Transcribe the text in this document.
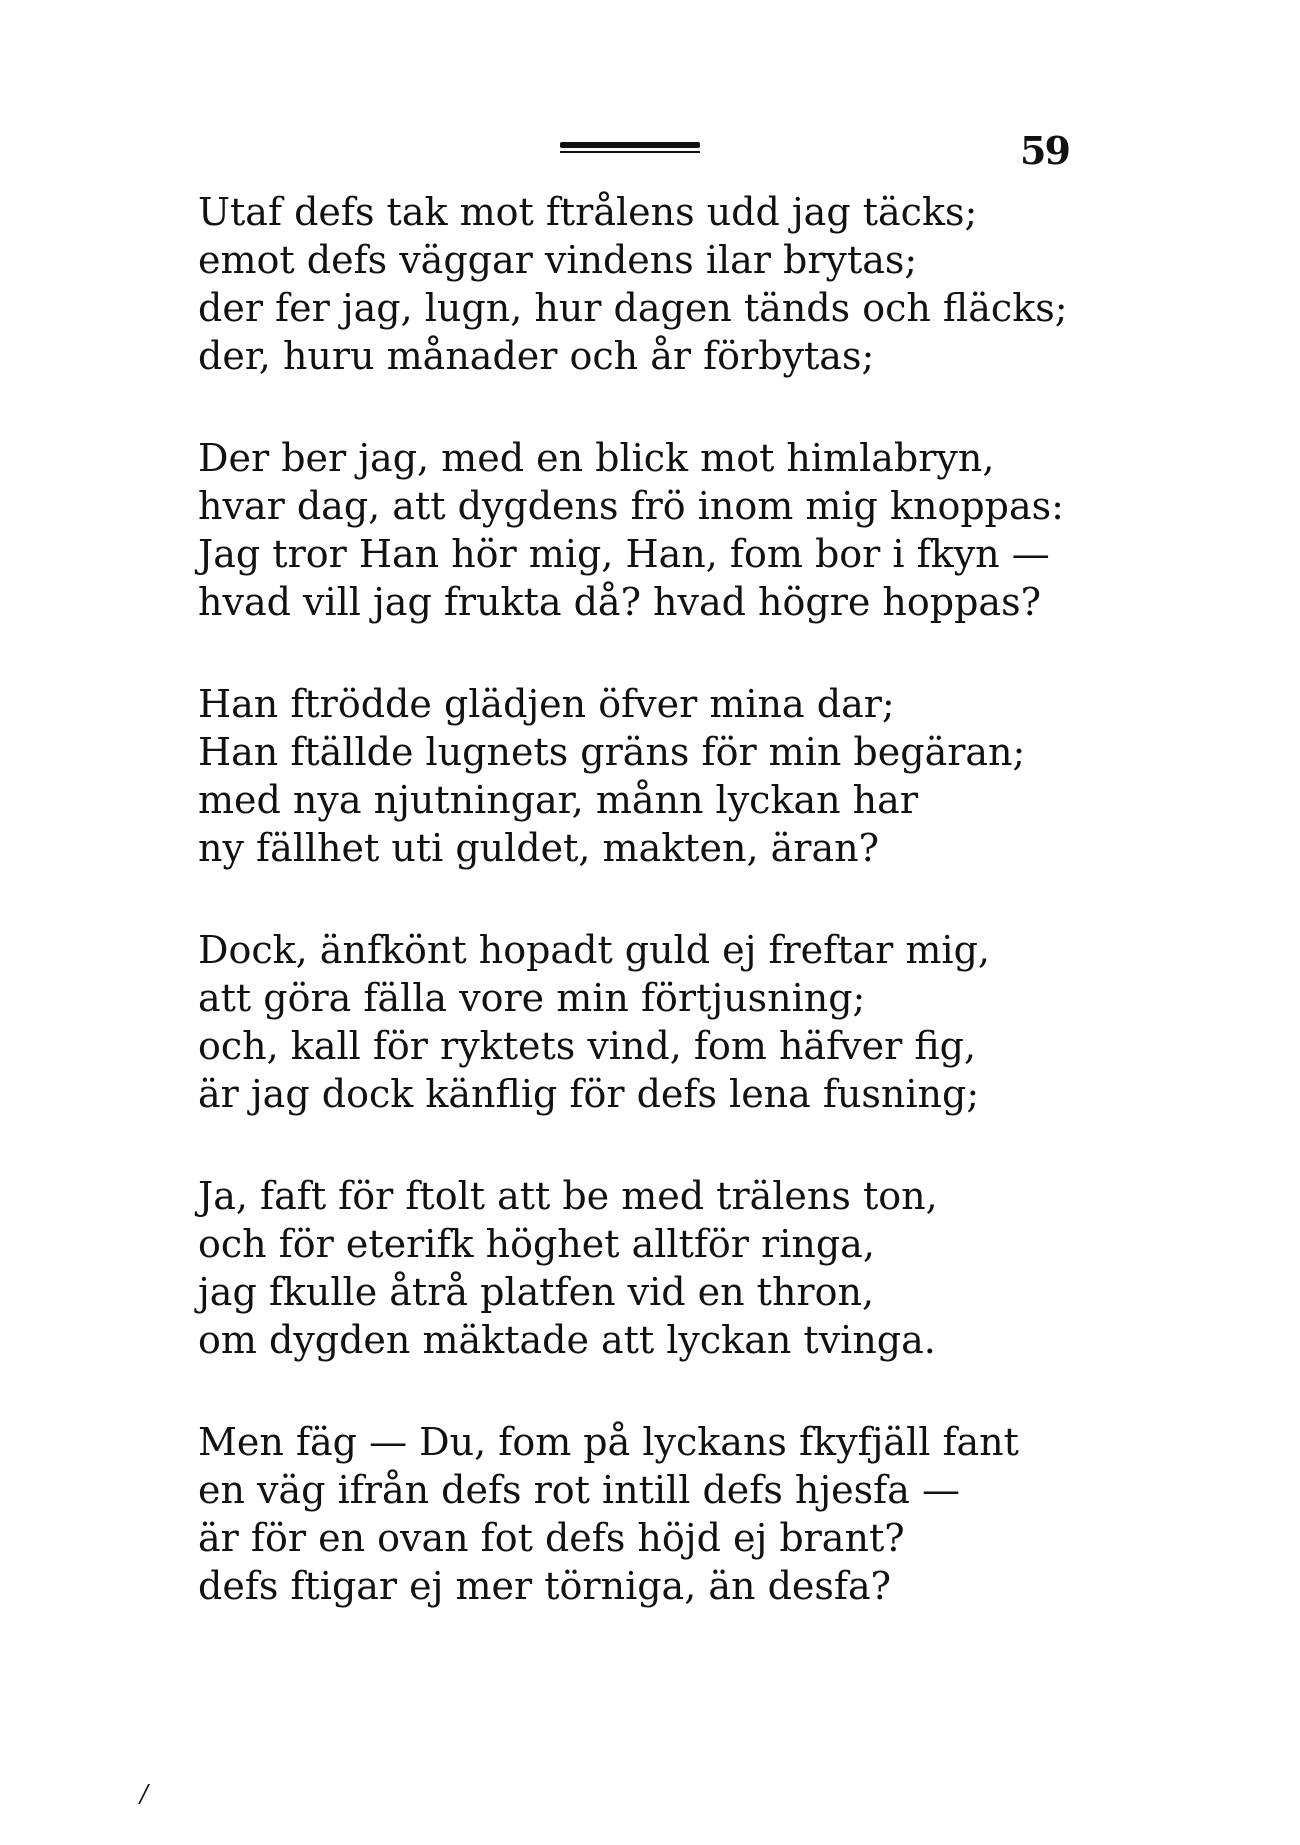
59
Utaf defs tak mot ftrålens udd jag täcks;
emot defs väggar vindens ilar brytas;
der fer jag, lugn, hur dagen tänds och fläcks;
der, huru månader och år förbytas;
Der ber jag, med en blick mot himlabryn,
hvar dag, att dygdens frö inom mig knoppas:
Jag tror Han hör mig, Han, fom bor i fkyn —
hvad vill jag frukta då? hvad högre hoppas?
Han ftrödde glädjen öfver mina dar;
Han ftällde lugnets gräns för min begäran;
med nya njutningar, månn lyckan har
ny fällhet uti guldet, makten, äran?
Dock, änfkönt hopadt guld ej freftar mig,
att göra fälla vore min förtjusning;
och, kall för ryktets vind, fom häfver fig,
är jag dock känflig för defs lena fusning;
Ja, faft för ftolt att be med trälens ton,
och för eterifk höghet alltför ringa,
jag fkulle åtrå platfen vid en thron,
om dygden mäktade att lyckan tvinga.
Men fäg — Du, fom på lyckans fkyfjäll fant
en väg ifrån defs rot intill defs hjesfa —
är för en ovan fot defs höjd ej brant?
defs ftigar ej mer törniga, än desfa?
/
